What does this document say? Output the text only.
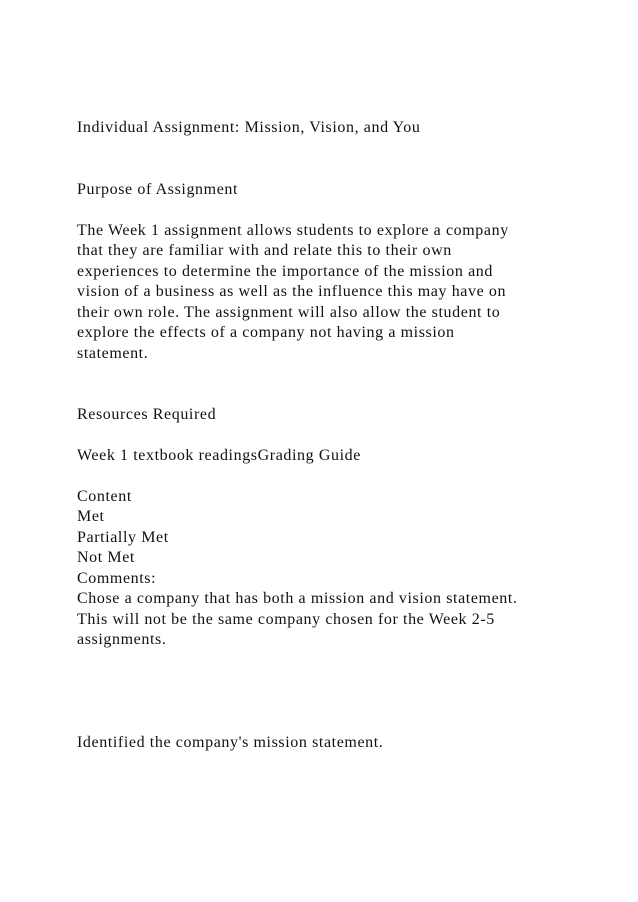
Individual Assignment: Mission, Vision, and You
Purpose of Assignment
The Week 1 assignment allows students to explore a company
that they are familiar with and relate this to their own
experiences to determine the importance of the mission and
vision of a business as well as the influence this may have on
their own role. The assignment will also allow the student to
explore the effects of a company not having a mission
statement.
Resources Required
Week 1 textbook readingsGrading Guide
Content
Met
Partially Met
Not Met
Comments:
Chose a company that has both a mission and vision statement.
This will not be the same company chosen for the Week 2-5
assignments.
Identified the company's mission statement.
